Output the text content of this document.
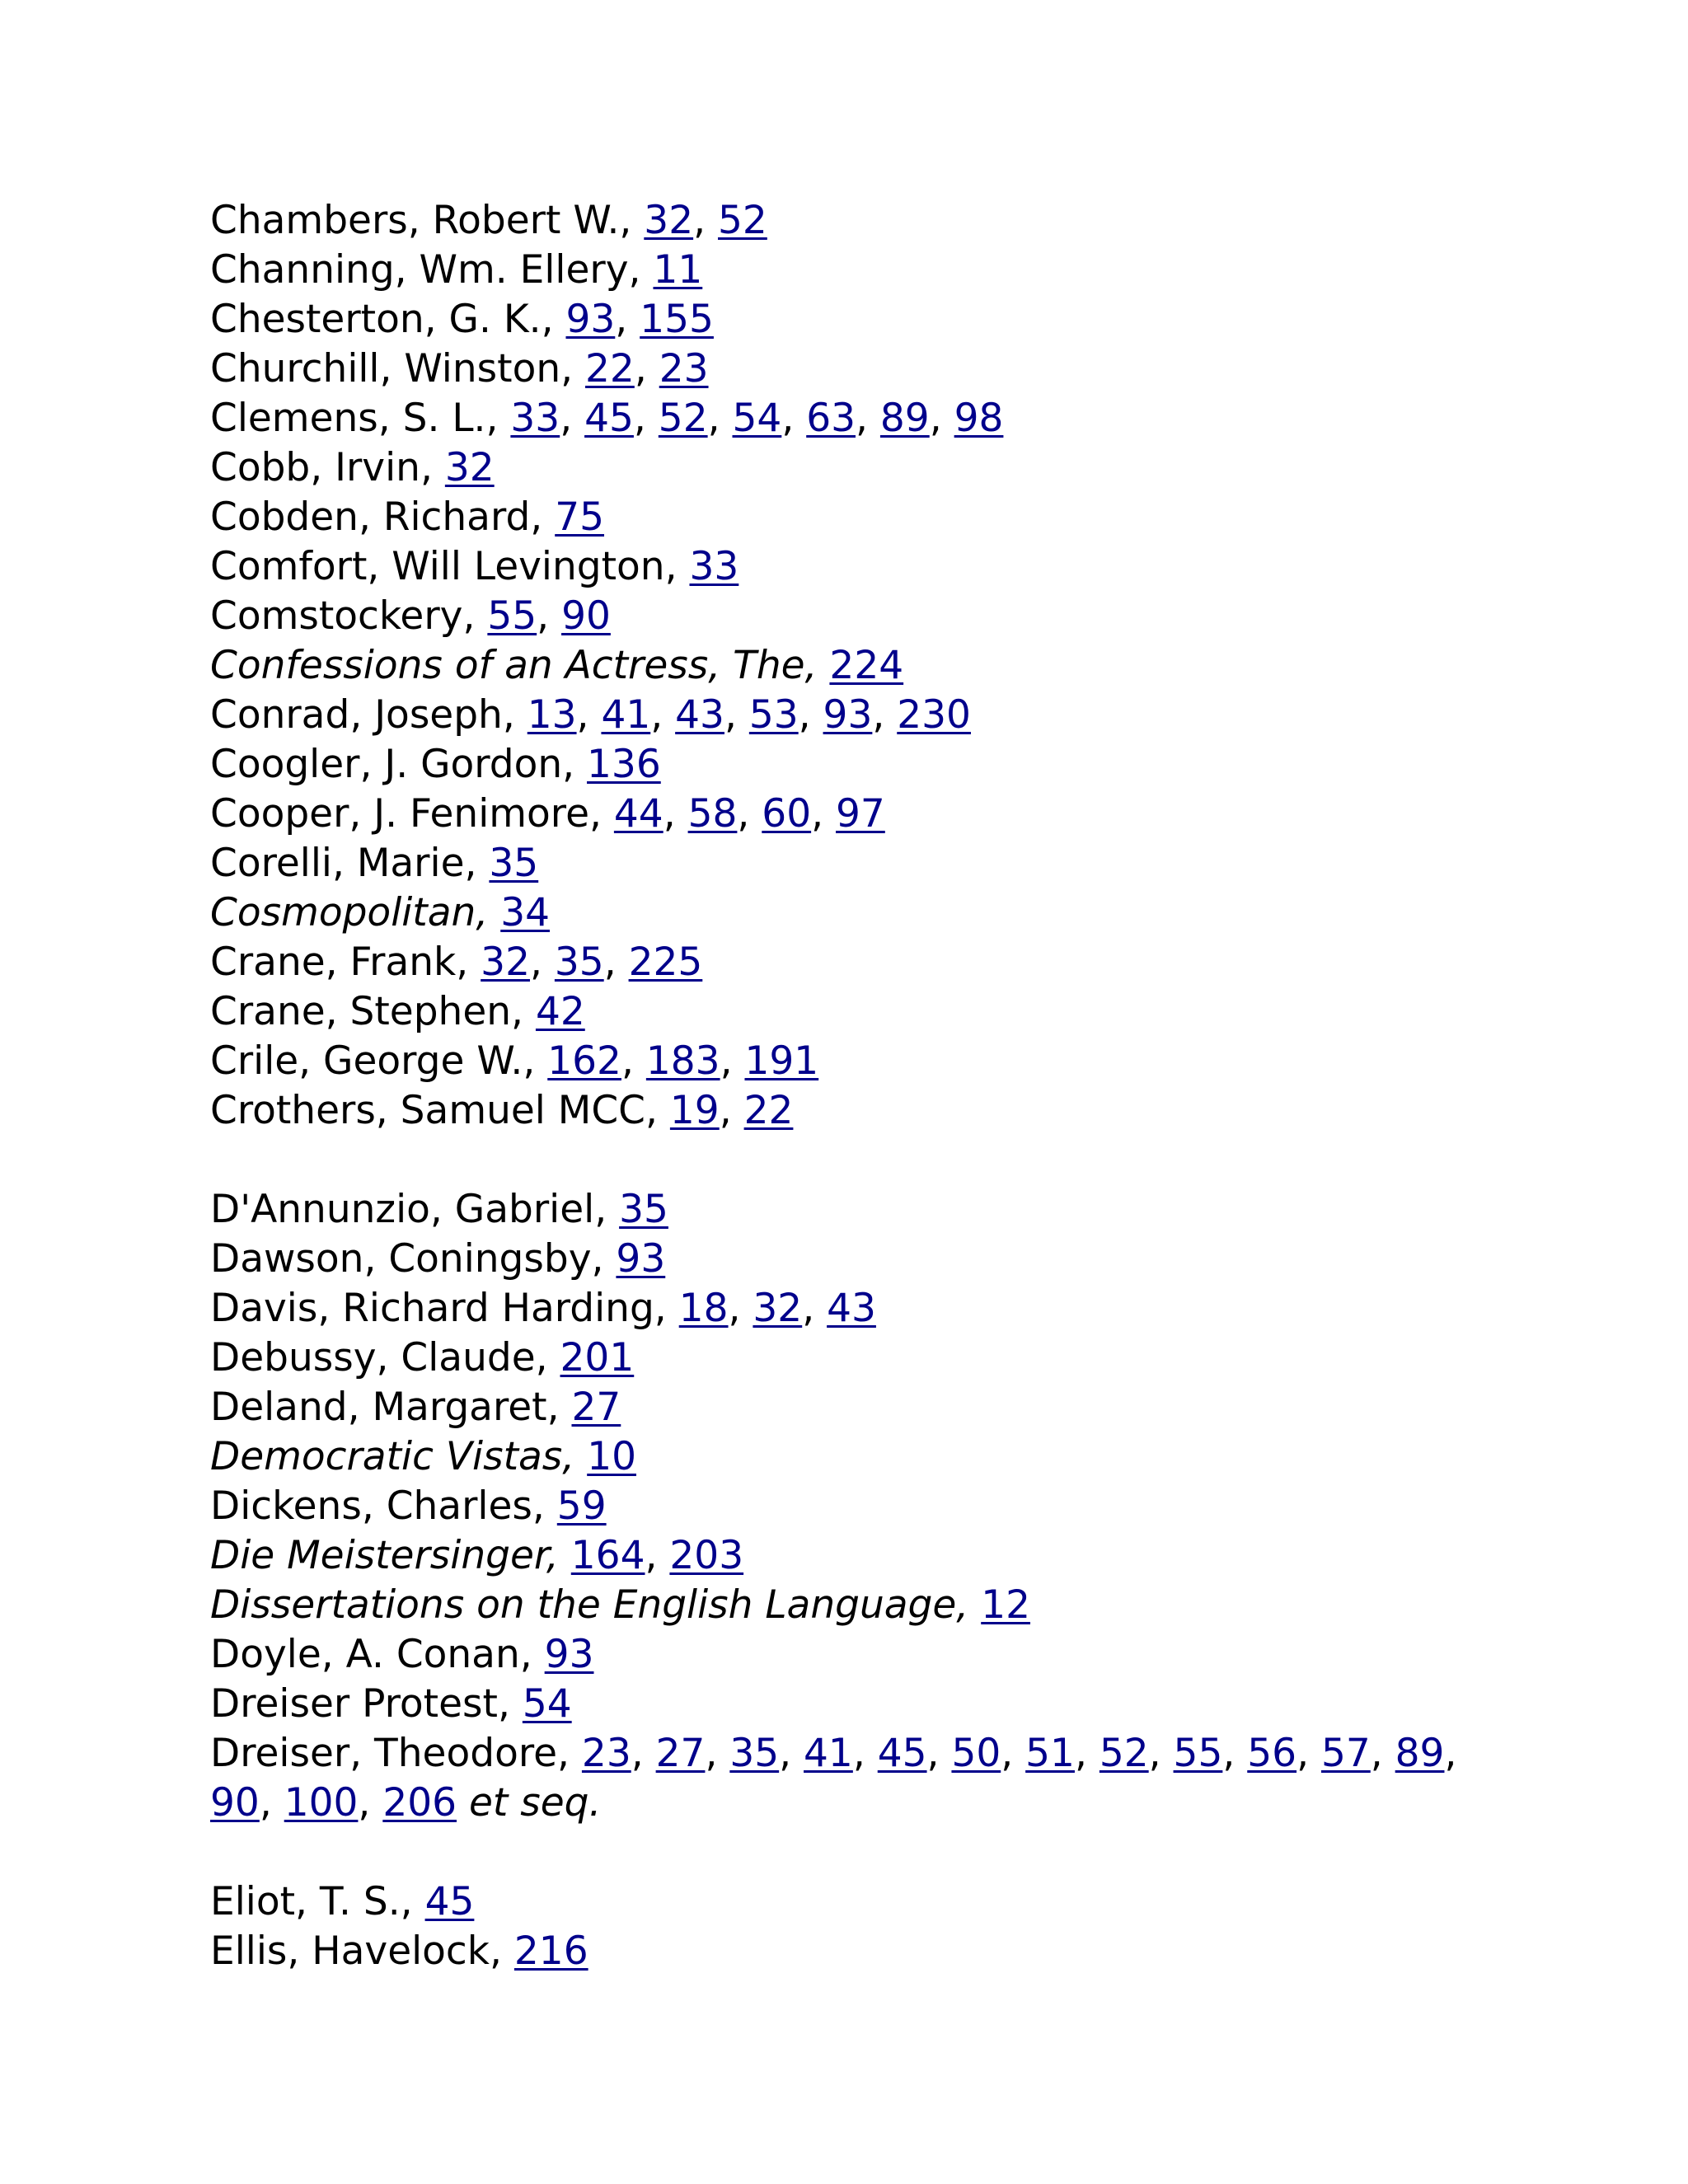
Chambers, Robert W., 32, 52

Channing, Wm. Ellery, 11

Chesterton, G. K., 93, 155

Churchill, Winston, 22, 23

Clemens, S. L., 33, 45, 52, 54, 63, 89, 98

Cobb, Irvin, 32

Cobden, Richard, 75

Comfort, Will Levington, 33

Comstockery, 55, 90

Confessions of an Actress, The, 224

Conrad, Joseph, 13, 41, 43, 53, 93, 230

Coogler, J. Gordon, 136

Cooper, J. Fenimore, 44, 58, 60, 97

Corelli, Marie, 35

Cosmopolitan, 34

Crane, Frank, 32, 35, 225

Crane, Stephen, 42

Crile, George W., 162, 183, 191

Crothers, Samuel MCC, 19, 22

D'Annunzio, Gabriel, 35

Dawson, Coningsby, 93

Davis, Richard Harding, 18, 32, 43

Debussy, Claude, 201

Deland, Margaret, 27

Democratic Vistas, 10

Dickens, Charles, 59

Die Meistersinger, 164, 203

Dissertations on the English Language, 12

Doyle, A. Conan, 93

Dreiser Protest, 54

Dreiser, Theodore, 23, 27, 35, 41, 45, 50, 51, 52, 55, 56, 57, 89, 90, 100, 206 et seq.

Eliot, T. S., 45

Ellis, Havelock, 216
